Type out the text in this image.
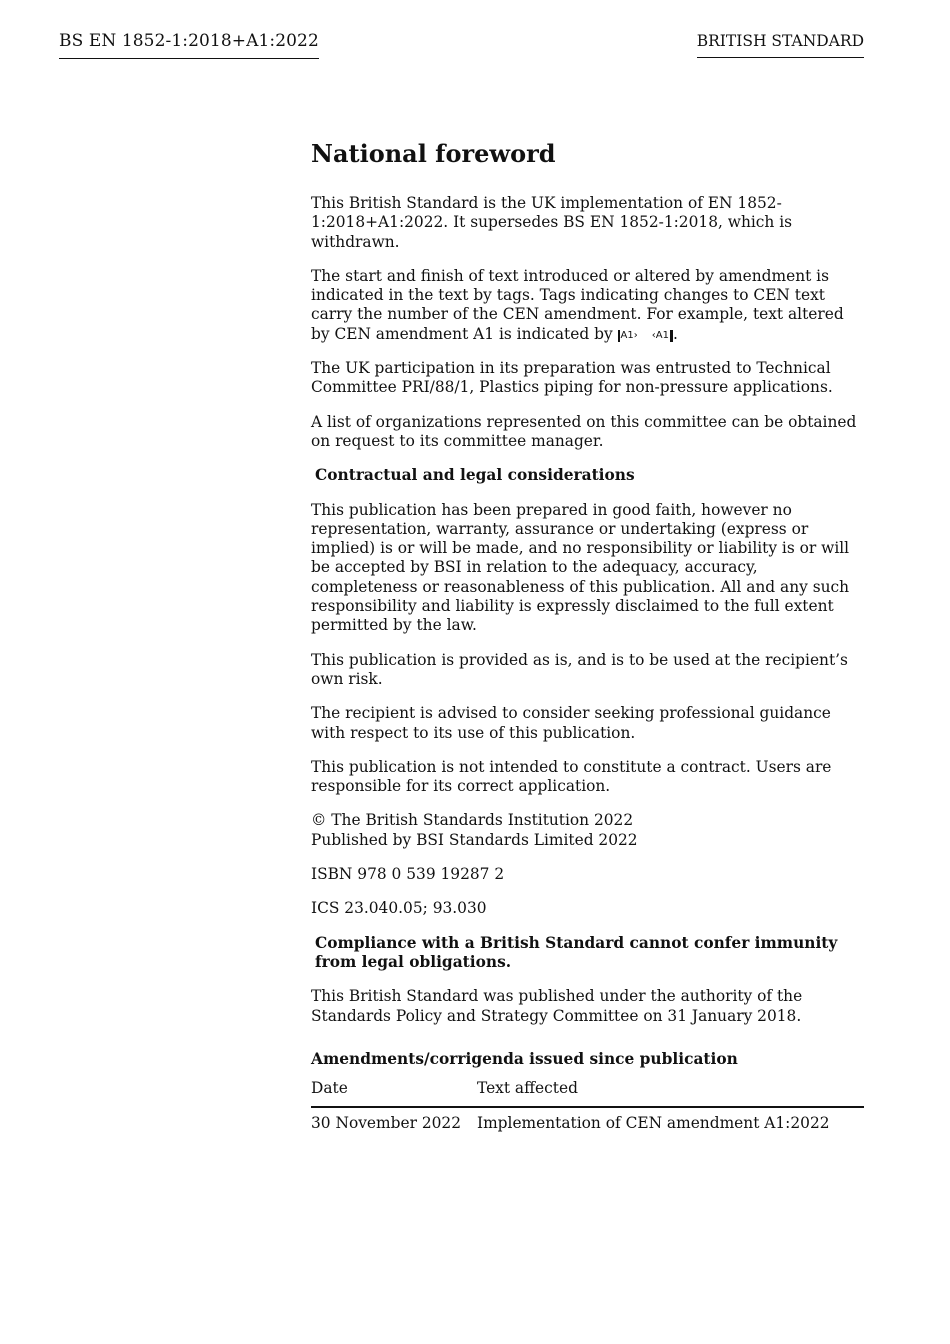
BS EN 1852-1:2018+A1:2022	BRITISH STANDARD
National foreword

This British Standard is the UK implementation of EN 1852-1:2018+A1:2022. It supersedes BS EN 1852-1:2018, which is withdrawn.

The start and finish of text introduced or altered by amendment is indicated in the text by tags. Tags indicating changes to CEN text carry the number of the CEN amendment. For example, text altered by CEN amendment A1 is indicated by A1 › ‹ A1 .

The UK participation in its preparation was entrusted to Technical Committee PRI/88/1, Plastics piping for non-pressure applications.

A list of organizations represented on this committee can be obtained on request to its committee manager.

Contractual and legal considerations

This publication has been prepared in good faith, however no representation, warranty, assurance or undertaking (express or implied) is or will be made, and no responsibility or liability is or will be accepted by BSI in relation to the adequacy, accuracy, completeness or reasonableness of this publication. All and any such responsibility and liability is expressly disclaimed to the full extent permitted by the law.

This publication is provided as is, and is to be used at the recipient’s own risk.

The recipient is advised to consider seeking professional guidance with respect to its use of this publication.

This publication is not intended to constitute a contract. Users are responsible for its correct application.

© The British Standards Institution 2022
Published by BSI Standards Limited 2022

ISBN 978 0 539 19287 2

ICS 23.040.05; 93.030

Compliance with a British Standard cannot confer immunity from legal obligations.

This British Standard was published under the authority of the Standards Policy and Strategy Committee on 31 January 2018.

Amendments/corrigenda issued since publication
Date	Text affected
30 November 2022	Implementation of CEN amendment A1:2022
